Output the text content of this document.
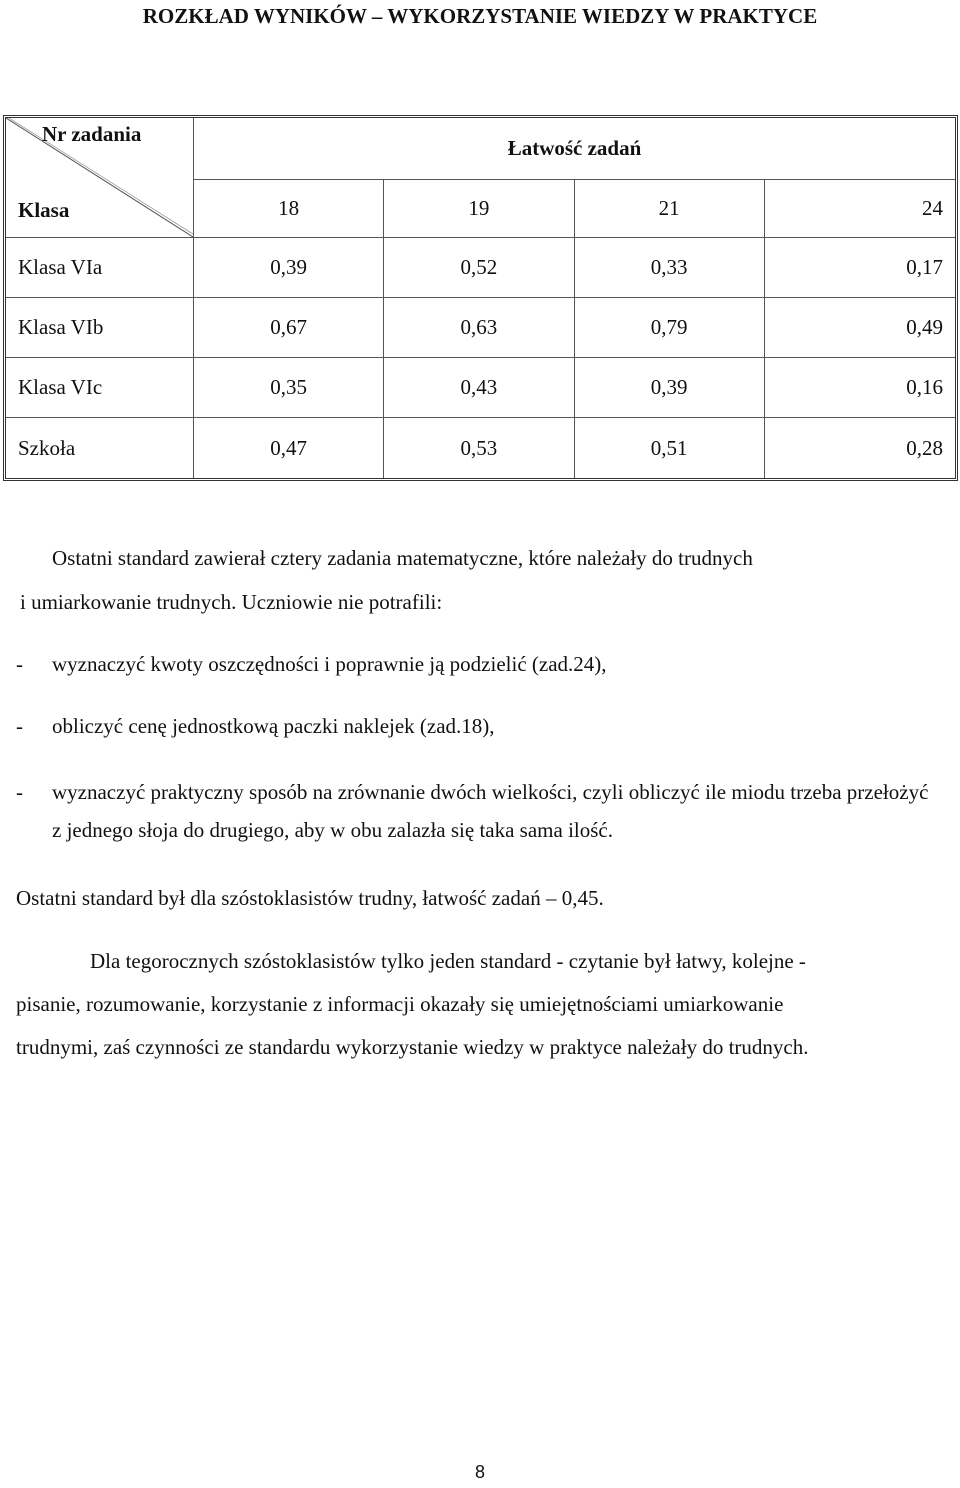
ROZKŁAD WYNIKÓW – WYKORZYSTANIE WIEDZY W PRAKTYCE
Nr zadania
Klasa	Łatwość zadań			
	18	19	21	24
Klasa VIa	0,39	0,52	0,33	0,17
Klasa VIb	0,67	0,63	0,79	0,49
Klasa VIc	0,35	0,43	0,39	0,16
Szkoła	0,47	0,53	0,51	0,28
Ostatni standard zawierał cztery zadania matematyczne, które należały do trudnych
i umiarkowanie trudnych. Uczniowie nie potrafili:
- wyznaczyć kwoty oszczędności i poprawnie ją podzielić (zad.24),
- obliczyć cenę jednostkową paczki naklejek (zad.18),
- wyznaczyć praktyczny sposób na zrównanie dwóch wielkości, czyli obliczyć ile miodu trzeba przełożyć z jednego słoja do drugiego, aby w obu zalazła się taka sama ilość.
Ostatni standard był dla szóstoklasistów trudny, łatwość zadań – 0,45.
Dla tegorocznych szóstoklasistów tylko jeden standard - czytanie był łatwy, kolejne -
pisanie, rozumowanie, korzystanie z informacji okazały się umiejętnościami umiarkowanie
trudnymi, zaś czynności ze standardu wykorzystanie wiedzy w praktyce należały do trudnych.
8
